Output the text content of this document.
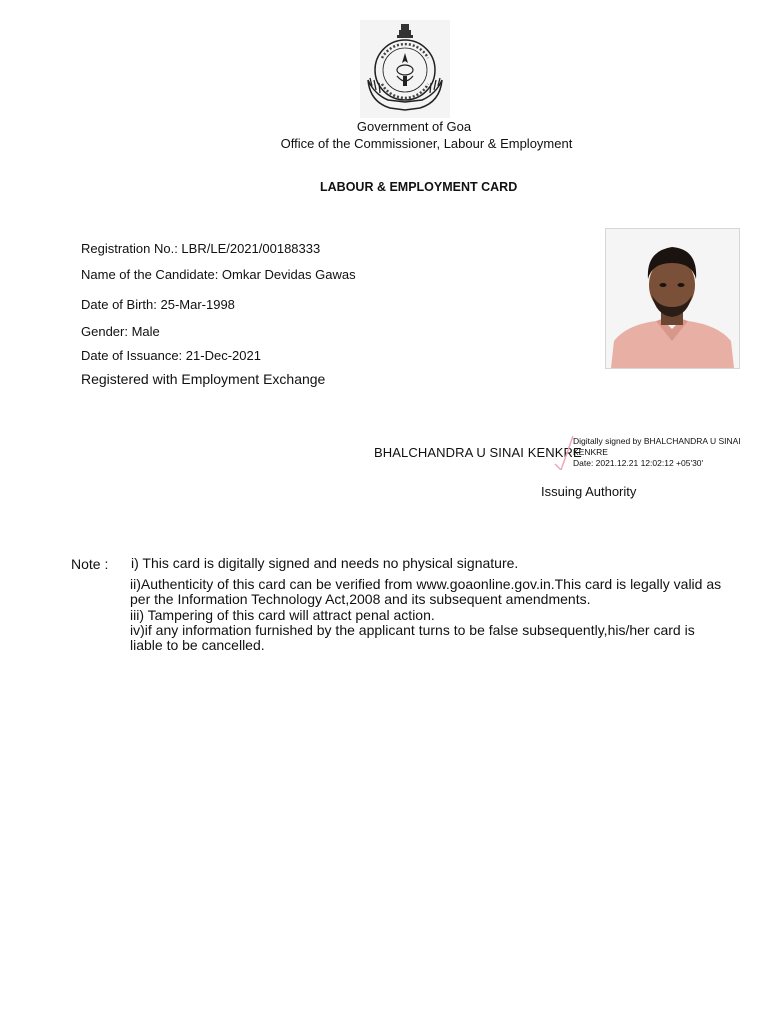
Government of Goa
Office of the Commissioner, Labour & Employment
LABOUR & EMPLOYMENT CARD
Registration No.: LBR/LE/2021/00188333
Name of the Candidate: Omkar Devidas Gawas
Date of Birth: 25-Mar-1998
Gender: Male
Date of Issuance: 21-Dec-2021
Registered with Employment Exchange
BHALCHANDRA U SINAI KENKRE
Digitally signed by BHALCHANDRA U SINAI
KENKRE
Date: 2021.12.21 12:02:12 +05'30'
Issuing Authority
Note : i) This card is digitally signed and needs no physical signature.
ii)Authenticity of this card can be verified from www.goaonline.gov.in.This card is legally valid as per the Information Technology Act,2008 and its subsequent amendments.
iii) Tampering of this card will attract penal action.
iv)if any information furnished by the applicant turns to be false subsequently,his/her card is liable to be cancelled.
